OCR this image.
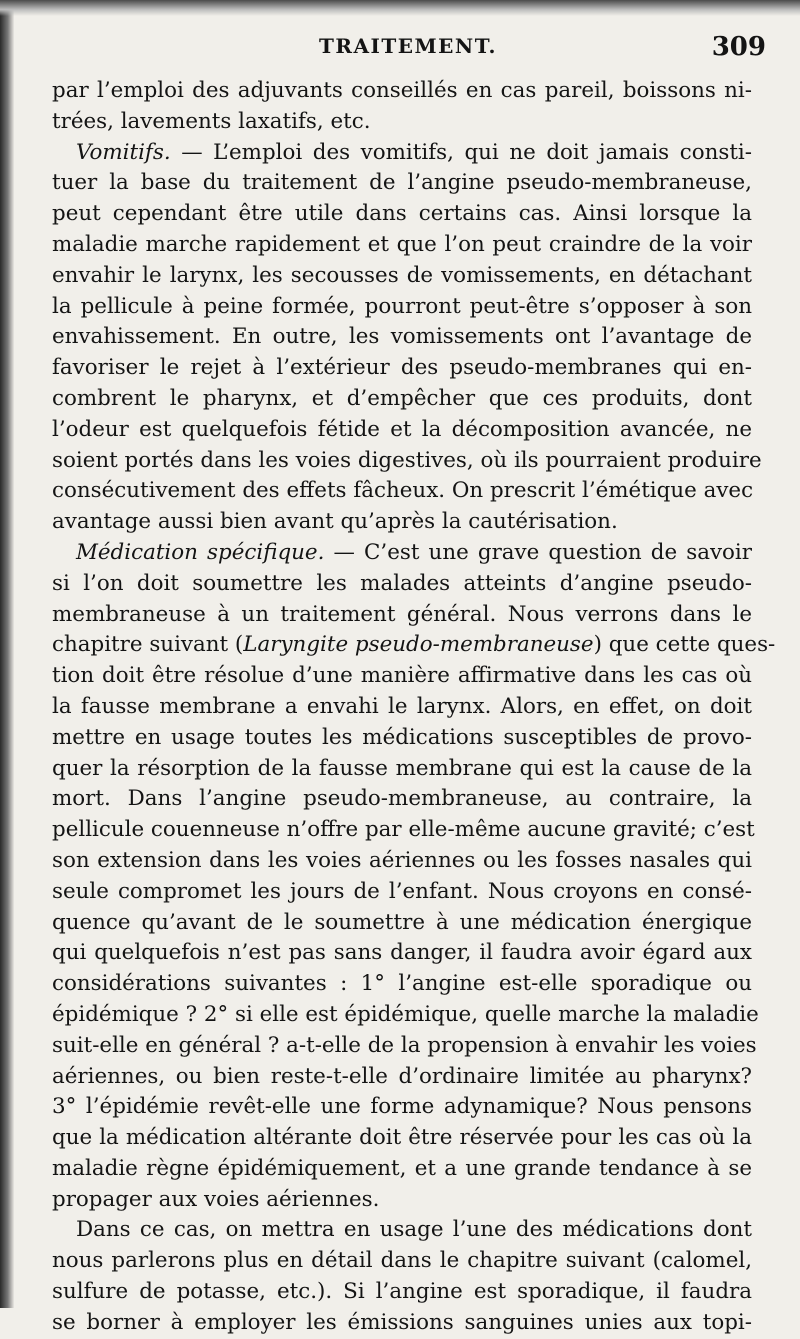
TRAITEMENT.	309
par l’emploi des adjuvants conseillés en cas pareil, boissons ni-
trées, lavements laxatifs, etc.
Vomitifs. — L’emploi des vomitifs, qui ne doit jamais consti-
tuer la base du traitement de l’angine pseudo-membraneuse,
peut cependant être utile dans certains cas. Ainsi lorsque la
maladie marche rapidement et que l’on peut craindre de la voir
envahir le larynx, les secousses de vomissements, en détachant
la pellicule à peine formée, pourront peut-être s’opposer à son
envahissement. En outre, les vomissements ont l’avantage de
favoriser le rejet à l’extérieur des pseudo-membranes qui en-
combrent le pharynx, et d’empêcher que ces produits, dont
l’odeur est quelquefois fétide et la décomposition avancée, ne
soient portés dans les voies digestives, où ils pourraient produire
consécutivement des effets fâcheux. On prescrit l’émétique avec
avantage aussi bien avant qu’après la cautérisation.
Médication spécifique. — C’est une grave question de savoir
si l’on doit soumettre les malades atteints d’angine pseudo-
membraneuse à un traitement général. Nous verrons dans le
chapitre suivant (Laryngite pseudo-membraneuse) que cette ques-
tion doit être résolue d’une manière affirmative dans les cas où
la fausse membrane a envahi le larynx. Alors, en effet, on doit
mettre en usage toutes les médications susceptibles de provo-
quer la résorption de la fausse membrane qui est la cause de la
mort. Dans l’angine pseudo-membraneuse, au contraire, la
pellicule couenneuse n’offre par elle-même aucune gravité; c’est
son extension dans les voies aériennes ou les fosses nasales qui
seule compromet les jours de l’enfant. Nous croyons en consé-
quence qu’avant de le soumettre à une médication énergique
qui quelquefois n’est pas sans danger, il faudra avoir égard aux
considérations suivantes : 1° l’angine est-elle sporadique ou
épidémique ? 2° si elle est épidémique, quelle marche la maladie
suit-elle en général ? a-t-elle de la propension à envahir les voies
aériennes, ou bien reste-t-elle d’ordinaire limitée au pharynx?
3° l’épidémie revêt-elle une forme adynamique? Nous pensons
que la médication altérante doit être réservée pour les cas où la
maladie règne épidémiquement, et a une grande tendance à se
propager aux voies aériennes.
Dans ce cas, on mettra en usage l’une des médications dont
nous parlerons plus en détail dans le chapitre suivant (calomel,
sulfure de potasse, etc.). Si l’angine est sporadique, il faudra
se borner à employer les émissions sanguines unies aux topi-
